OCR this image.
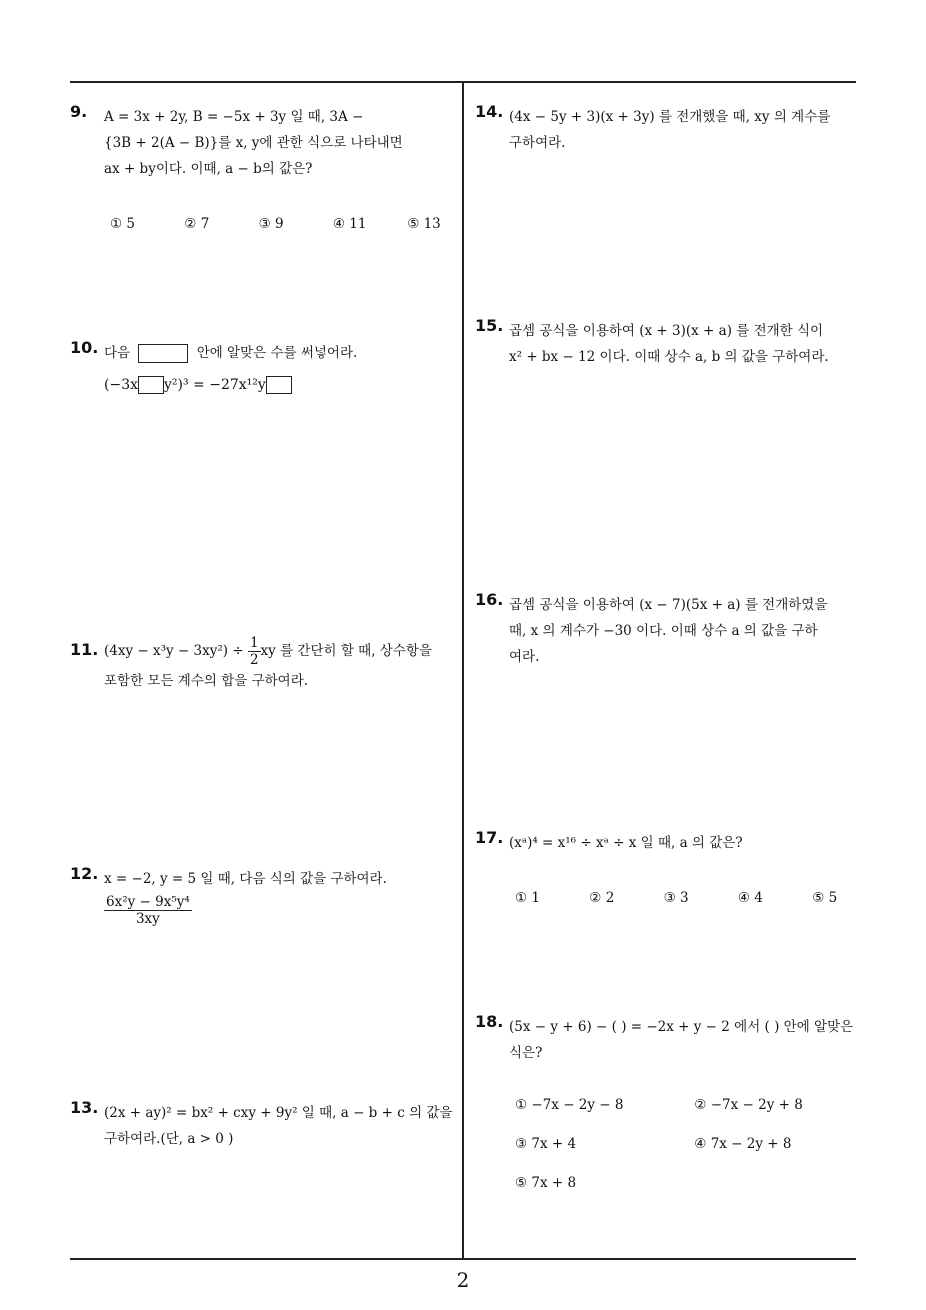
9. A = 3x + 2y, B = −5x + 3y 일 때, 3A −
{3B + 2(A − B)}를 x, y에 관한 식으로 나타내면
ax + by이다. 이때, a − b의 값은?
① 5	② 7	③ 9	④ 11	⑤ 13
10. 다음	안에 알맞은 수를 써넣어라.
(−3x y²)³ = −27x¹²y
11. $(4xy - x^3y - 3xy^2) \div \frac{1}{2}$ xy 를 간단히 할 때, 상수항을
포함한 모든 계수의 합을 구하여라.
12. x = −2, y = 5 일 때, 다음 식의 값을 구하여라.
$\frac{\text{6x²y − 9x⁵y⁴}}{3xy}$
13. (2x + ay)² = bx² + cxy + 9y² 일 때, a − b + c 의 값을
구하여라.(단, a > 0 )
14. (4x − 5y + 3)(x + 3y) 를 전개했을 때, xy 의 계수를
구하여라.
15. 곱셈 공식을 이용하여 (x + 3)(x + a) 를 전개한 식이
x² + bx − 12 이다. 이때 상수 a, b 의 값을 구하여라.
16. 곱셈 공식을 이용하여 (x − 7)(5x + a) 를 전개하였을
때, x 의 계수가 −30 이다. 이때 상수 a 의 값을 구하
여라.
17. (xᵃ)⁴ = x¹⁶ ÷ xᵃ ÷ x 일 때, a 의 값은?
① 1	② 2	③ 3	④ 4	⑤ 5
18. (5x − y + 6) − ( ) = −2x + y − 2 에서 ( ) 안에 알맞은
식은?
① −7x − 2y − 8	② −7x − 2y + 8
③ 7x + 4	④ 7x − 2y + 8
⑤ 7x + 8
2
